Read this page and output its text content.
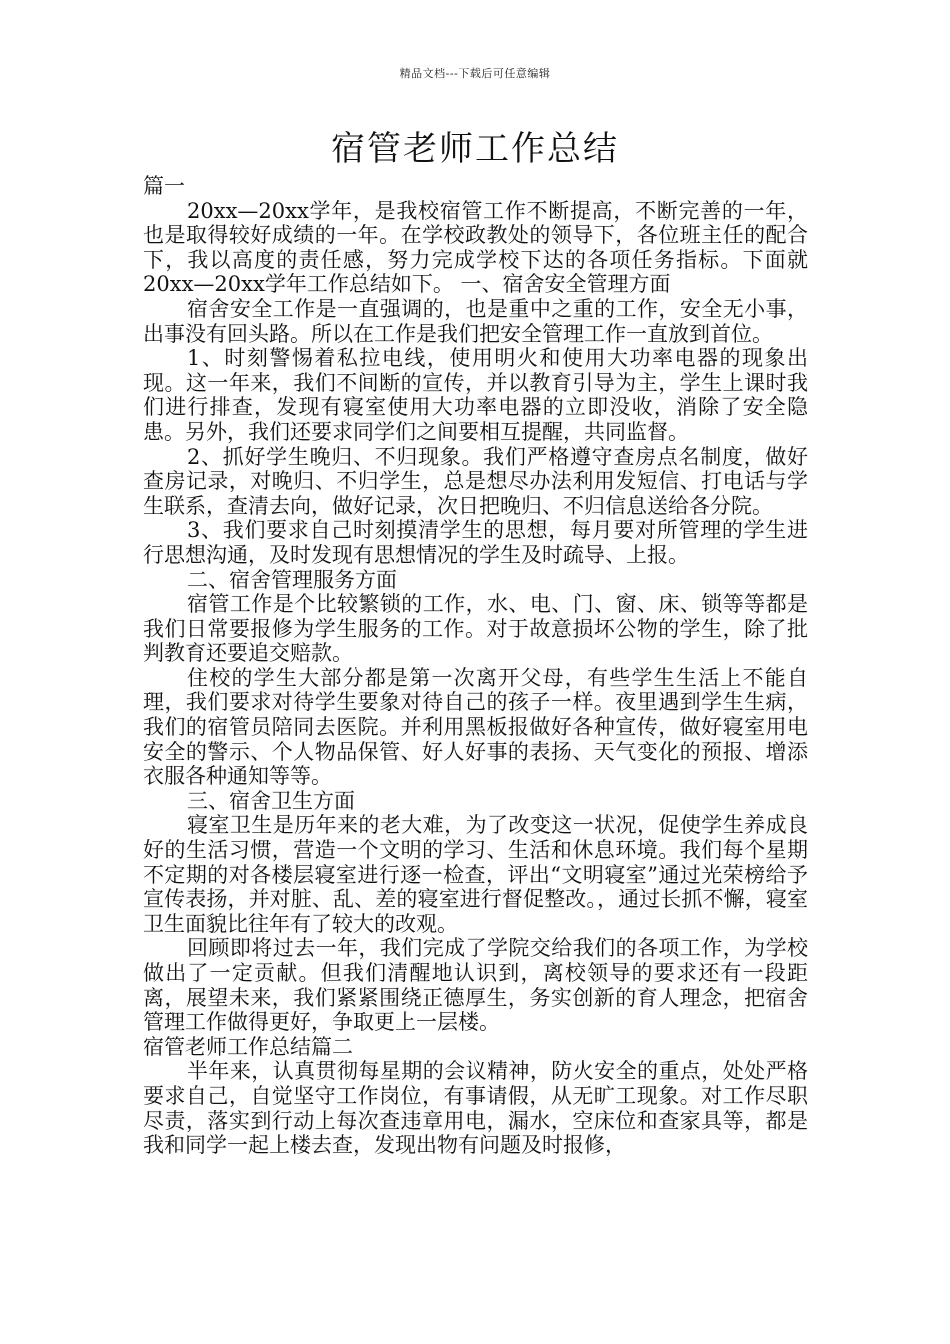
精品文档---下载后可任意编辑
宿管老师工作总结

篇一

20xx—20xx学年，是我校宿管工作不断提高，不断完善的一年，也是取得较好成绩的一年。在学校政教处的领导下，各位班主任的配合下，我以高度的责任感，努力完成学校下达的各项任务指标。下面就20xx—20xx学年工作总结如下。 一、宿舍安全管理方面

宿舍安全工作是一直强调的，也是重中之重的工作，安全无小事，出事没有回头路。所以在工作是我们把安全管理工作一直放到首位。

1、时刻警惕着私拉电线，使用明火和使用大功率电器的现象出现。这一年来，我们不间断的宣传，并以教育引导为主，学生上课时我们进行排查，发现有寝室使用大功率电器的立即没收，消除了安全隐患。另外，我们还要求同学们之间要相互提醒，共同监督。

2、抓好学生晚归、不归现象。我们严格遵守查房点名制度，做好查房记录，对晚归、不归学生，总是想尽办法利用发短信、打电话与学生联系，查清去向，做好记录，次日把晚归、不归信息送给各分院。

3、我们要求自己时刻摸清学生的思想，每月要对所管理的学生进行思想沟通，及时发现有思想情况的学生及时疏导、上报。

二、宿舍管理服务方面

宿管工作是个比较繁锁的工作，水、电、门、窗、床、锁等等都是我们日常要报修为学生服务的工作。对于故意损坏公物的学生，除了批判教育还要追交赔款。

住校的学生大部分都是第一次离开父母，有些学生生活上不能自理，我们要求对待学生要象对待自己的孩子一样。夜里遇到学生生病，我们的宿管员陪同去医院。并利用黑板报做好各种宣传，做好寝室用电安全的警示、个人物品保管、好人好事的表扬、天气变化的预报、增添衣服各种通知等等。

三、宿舍卫生方面

寝室卫生是历年来的老大难，为了改变这一状况，促使学生养成良好的生活习惯，营造一个文明的学习、生活和休息环境。我们每个星期不定期的对各楼层寝室进行逐一检查，评出“文明寝室”通过光荣榜给予宣传表扬，并对脏、乱、差的寝室进行督促整改。，通过长抓不懈，寝室卫生面貌比往年有了较大的改观。

回顾即将过去一年，我们完成了学院交给我们的各项工作，为学校做出了一定贡献。但我们清醒地认识到，离校领导的要求还有一段距离，展望未来，我们紧紧围绕正德厚生，务实创新的育人理念，把宿舍管理工作做得更好，争取更上一层楼。

宿管老师工作总结篇二

半年来，认真贯彻每星期的会议精神，防火安全的重点，处处严格要求自己，自觉坚守工作岗位，有事请假，从无旷工现象。对工作尽职尽责，落实到行动上每次查违章用电，漏水，空床位和查家具等，都是我和同学一起上楼去查，发现出物有问题及时报修，
